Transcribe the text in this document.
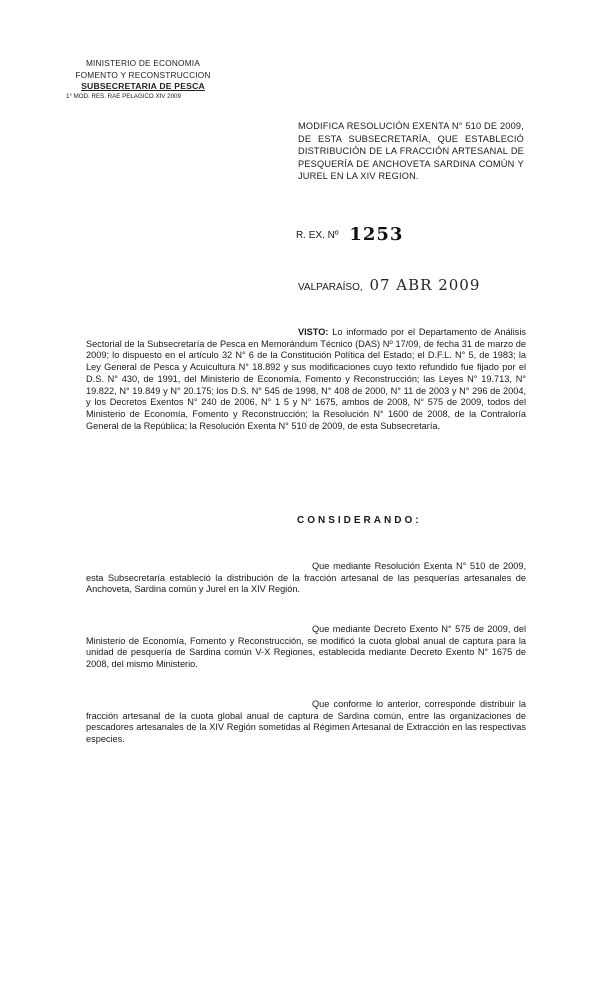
MINISTERIO DE ECONOMIA
FOMENTO Y RECONSTRUCCION
SUBSECRETARIA DE PESCA
1° MOD. RES. RAE PELAGICO XIV 2009
MODIFICA RESOLUCIÓN EXENTA N° 510 DE 2009, DE ESTA SUBSECRETARÍA, QUE ESTABLECIÓ DISTRIBUCIÓN DE LA FRACCIÓN ARTESANAL DE PESQUERÍA DE ANCHOVETA SARDINA COMÚN Y JUREL EN LA XIV REGION.
R. EX. Nº 1253
VALPARAÍSO, 07 ABR 2009
VISTO: Lo informado por el Departamento de Análisis Sectorial de la Subsecretaría de Pesca en Memorándum Técnico (DAS) Nº 17/09, de fecha 31 de marzo de 2009; lo dispuesto en el artículo 32 N° 6 de la Constitución Política del Estado; el D.F.L. N° 5, de 1983; la Ley General de Pesca y Acuicultura N° 18.892 y sus modificaciones cuyo texto refundido fue fijado por el D.S. N° 430, de 1991, del Ministerio de Economía, Fomento y Reconstrucción; las Leyes N° 19.713, N° 19.822, N° 19.849 y N° 20.175; los D.S. N° 545 de 1998, N° 408 de 2000, N° 11 de 2003 y N° 296 de 2004, y los Decretos Exentos N° 240 de 2006, N° 1 5 y N° 1675, ambos de 2008, N° 575 de 2009, todos del Ministerio de Economía, Fomento y Reconstrucción; la Resolución N° 1600 de 2008, de la Contraloría General de la República; la Resolución Exenta N° 510 de 2009, de esta Subsecretaría.
CONSIDERANDO:
Que mediante Resolución Exenta N° 510 de 2009, esta Subsecretaría estableció la distribución de la fracción artesanal de las pesquerías artesanales de Anchoveta, Sardina común y Jurel en la XIV Región.
Que mediante Decreto Exento N° 575 de 2009, del Ministerio de Economía, Fomento y Reconstrucción, se modificó la cuota global anual de captura para la unidad de pesquería de Sardina común V-X Regiones, establecida mediante Decreto Exento N° 1675 de 2008, del mismo Ministerio.
Que conforme lo anterior, corresponde distribuir la fracción artesanal de la cuota global anual de captura de Sardina común, entre las organizaciones de pescadores artesanales de la XIV Región sometidas al Régimen Artesanal de Extracción en las respectivas especies.
